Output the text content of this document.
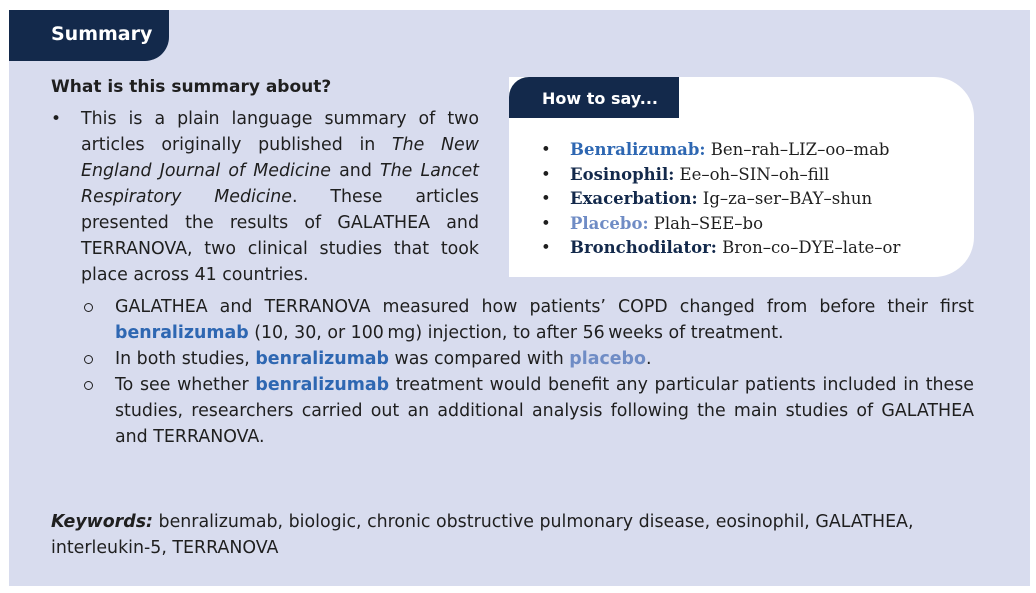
Summary
What is this summary about?
• This is a plain language summary of two articles originally published in The New England Journal of Medicine and The Lancet Respiratory Medicine. These articles presented the results of GALATHEA and TERRANOVA, two clinical studies that took place across 41 countries.
How to say...
• Benralizumab: Ben–rah–LIZ–oo–mab
• Eosinophil: Ee–oh–SIN–oh–fill
• Exacerbation: Ig–za–ser–BAY–shun
• Placebo: Plah–SEE–bo
• Bronchodilator: Bron–co–DYE–late–or
GALATHEA and TERRANOVA measured how patients’ COPD changed from before their first benralizumab (10, 30, or 100 mg) injection, to after 56 weeks of treatment.
In both studies, benralizumab was compared with placebo.
To see whether benralizumab treatment would benefit any particular patients included in these studies, researchers carried out an additional analysis following the main studies of GALATHEA and TERRANOVA.
Keywords: benralizumab, biologic, chronic obstructive pulmonary disease, eosinophil, GALATHEA, interleukin-5, TERRANOVA
